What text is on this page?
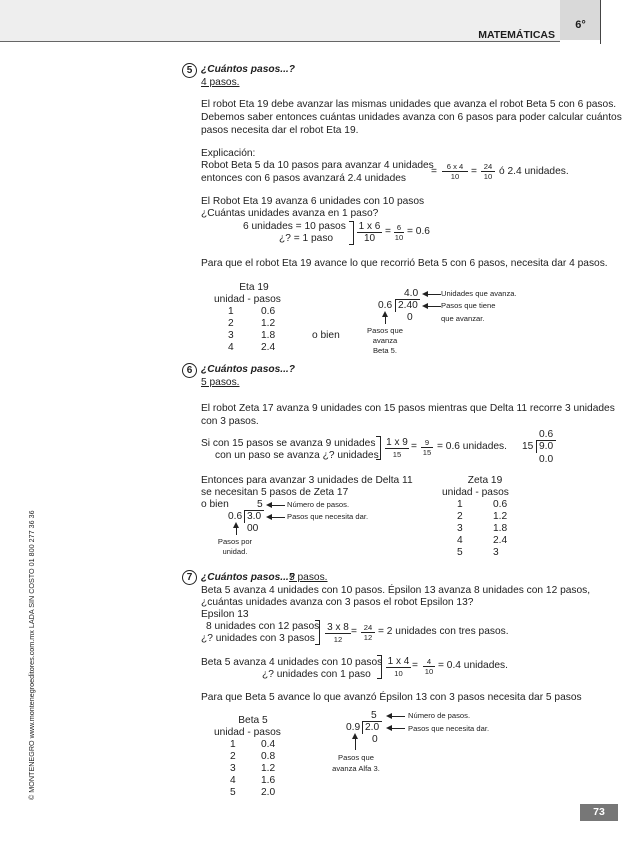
MATEMÁTICAS
6°
© MONTENEGRO www.montenegroeditores.com.mx LADA SIN COSTO 01 800 277 36 36
5 ¿Cuántos pasos...?
4 pasos.
El robot Eta 19 debe avanzar las mismas unidades que avanza el robot Beta 5 con 6 pasos.
Debemos saber entonces cuántas unidades avanza con 6 pasos para poder calcular cuántos
pasos necesita dar el robot Eta 19.
Explicación:
Robot Beta 5 da 10 pasos para avanzar 4 unidades
entonces con 6 pasos avanzará 2.4 unidades
= $\frac{6 x 4}{10} = \frac{24}{10}$ ó 2.4 unidades.
El Robot Eta 19 avanza 6 unidades con 10 pasos
¿Cuántas unidades avanza en 1 paso?
6 unidades = 10 pasos
¿? = 1 paso $\frac{1 x 6}{10} = \frac{6}{10} = 0.6$
Para que el robot Eta 19 avance lo que recorrió Beta 5 con 6 pasos, necesita dar 4 pasos.
Eta 19
unidad - pasos
1	0.6
2	1.2
3	1.8
4	2.4
o bien
4.0
0.6 2.40
0
Unidades que avanza.
Pasos que tiene
que avanzar.
Pasos que
avanza
Beta 5.
6 ¿Cuántos pasos...?
5 pasos.
El robot Zeta 17 avanza 9 unidades con 15 pasos mientras que Delta 11 recorre 3 unidades
con 3 pasos.
Si con 15 pasos se avanza 9 unidades
con un paso se avanza ¿? unidades
1 x 9
15
= $\frac{9}{15} = 0.6$ unidades.
0.6
15 9.0
0.0
Entonces para avanzar 3 unidades de Delta 11
se necesitan 5 pasos de Zeta 17
o bien	5
0.6 3.0
00
Número de pasos.
Pasos que necesita dar.
Pasos por
unidad.
Zeta 19
unidad - pasos
1	0.6
2	1.2
3	1.8
4	2.4
5	3
7 ¿Cuántos pasos...?
5 pasos.
Beta 5 avanza 4 unidades con 10 pasos. Épsilon 13 avanza 8 unidades con 12 pasos,
¿cuántas unidades avanza con 3 pasos el robot Epsilon 13?
Epsilon 13
8 unidades con 12 pasos
¿? unidades con 3 pasos
3 x 8
12
= $\frac{24}{12} = 2$ unidades con tres pasos.
Beta 5 avanza 4 unidades con 10 pasos
¿? unidades con 1 paso
1 x 4
10
= $\frac{4}{10} = 0.4$ unidades.
Para que Beta 5 avance lo que avanzó Épsilon 13 con 3 pasos necesita dar 5 pasos
Beta 5
unidad - pasos
1	0.4
2	0.8
3	1.2
4	1.6
5	2.0
5
0.9 2.0
0
Número de pasos.
Pasos que necesita dar.
Pasos que
avanza Alfa 3.
73
